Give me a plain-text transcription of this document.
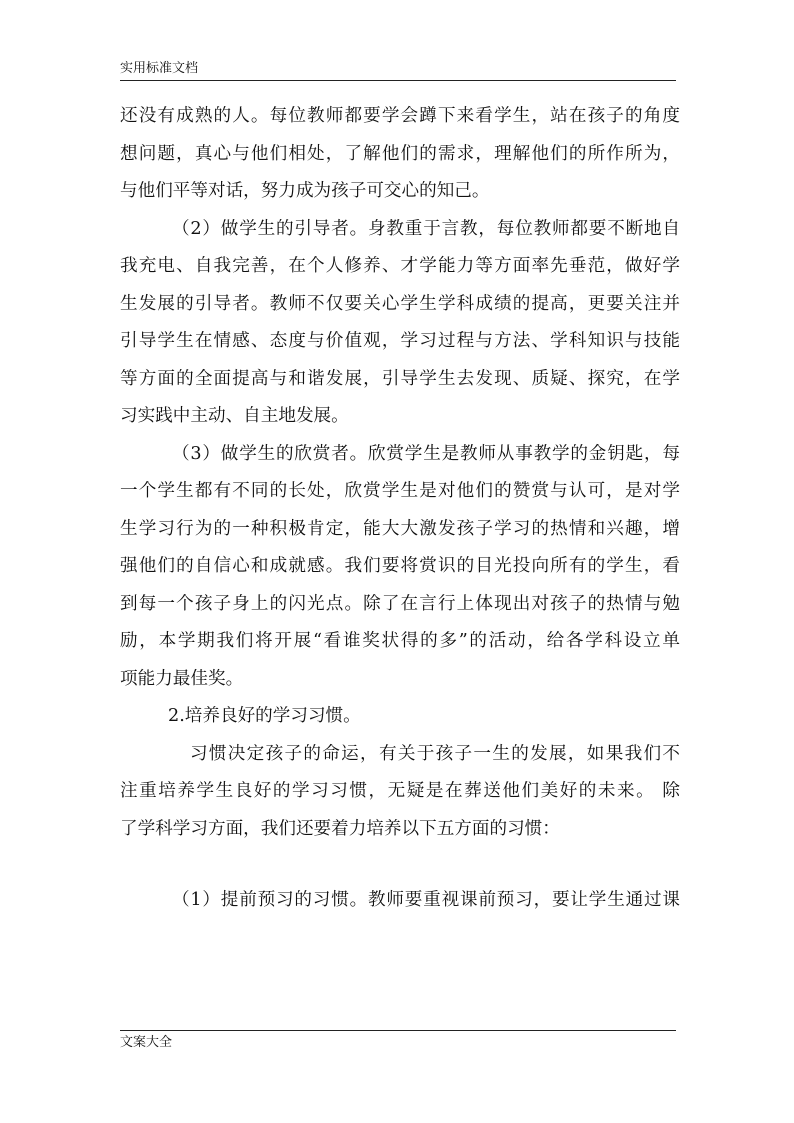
实用标准文档
还没有成熟的人。每位教师都要学会蹲下来看学生，站在孩子的角度
想问题，真心与他们相处，了解他们的需求，理解他们的所作所为，
与他们平等对话，努力成为孩子可交心的知己。
（2）做学生的引导者。身教重于言教，每位教师都要不断地自
我充电、自我完善，在个人修养、才学能力等方面率先垂范，做好学
生发展的引导者。教师不仅要关心学生学科成绩的提高，更要关注并
引导学生在情感、态度与价值观，学习过程与方法、学科知识与技能
等方面的全面提高与和谐发展，引导学生去发现、质疑、探究，在学
习实践中主动、自主地发展。
（3）做学生的欣赏者。欣赏学生是教师从事教学的金钥匙，每
一个学生都有不同的长处，欣赏学生是对他们的赞赏与认可，是对学
生学习行为的一种积极肯定，能大大激发孩子学习的热情和兴趣，增
强他们的自信心和成就感。我们要将赏识的目光投向所有的学生，看
到每一个孩子身上的闪光点。除了在言行上体现出对孩子的热情与勉
励，本学期我们将开展“看谁奖状得的多”的活动，给各学科设立单
项能力最佳奖。
2.培养良好的学习习惯。
习惯决定孩子的命运，有关于孩子一生的发展，如果我们不
注重培养学生良好的学习习惯，无疑是在葬送他们美好的未来。 除
了学科学习方面，我们还要着力培养以下五方面的习惯：
（1）提前预习的习惯。教师要重视课前预习，要让学生通过课
文案大全
